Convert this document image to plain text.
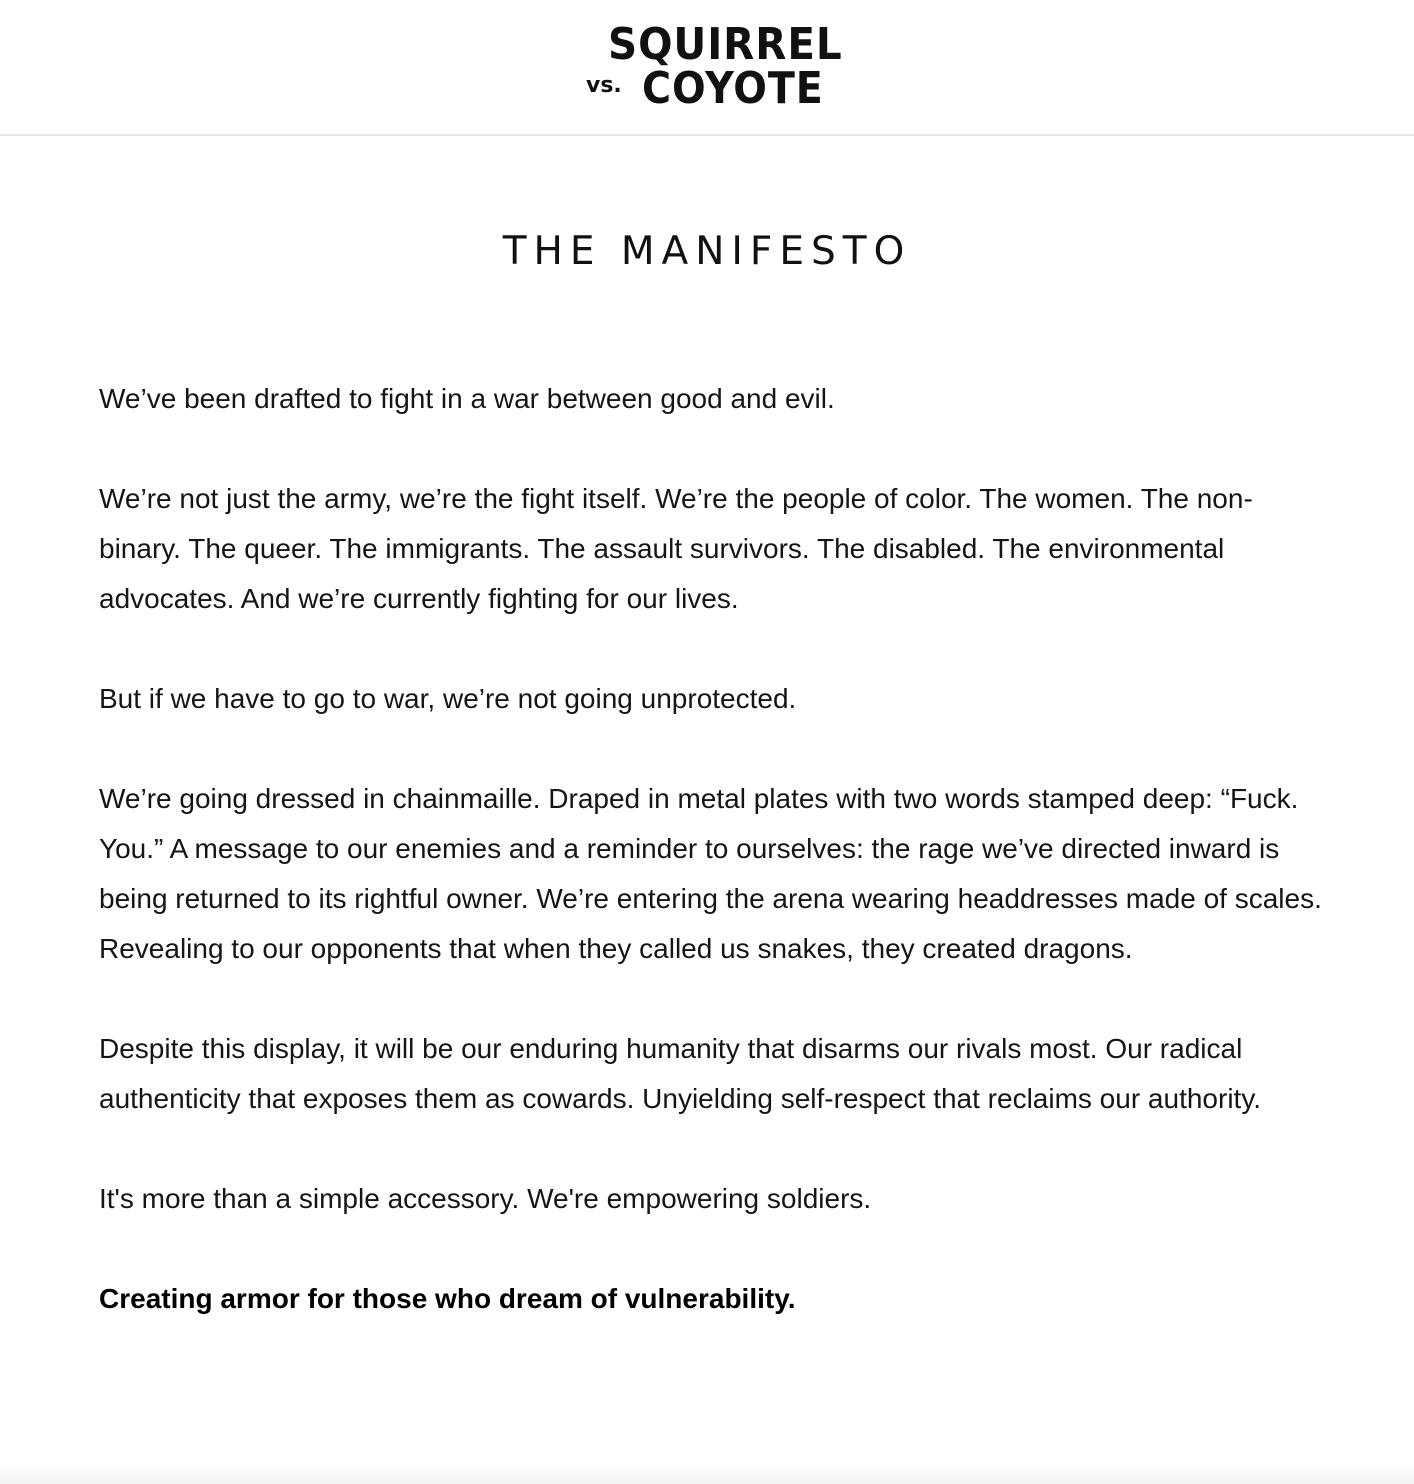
SQUIRREL
vs. COYOTE
THE MANIFESTO

We’ve been drafted to fight in a war between good and evil.

We’re not just the army, we’re the fight itself. We’re the people of color. The women. The non-binary. The queer. The immigrants. The assault survivors. The disabled. The environmental advocates. And we’re currently fighting for our lives.

But if we have to go to war, we’re not going unprotected.

We’re going dressed in chainmaille. Draped in metal plates with two words stamped deep: “Fuck. You.” A message to our enemies and a reminder to ourselves: the rage we’ve directed inward is being returned to its rightful owner. We’re entering the arena wearing headdresses made of scales. Revealing to our opponents that when they called us snakes, they created dragons.

Despite this display, it will be our enduring humanity that disarms our rivals most. Our radical authenticity that exposes them as cowards. Unyielding self-respect that reclaims our authority.

It's more than a simple accessory. We're empowering soldiers.

Creating armor for those who dream of vulnerability.
